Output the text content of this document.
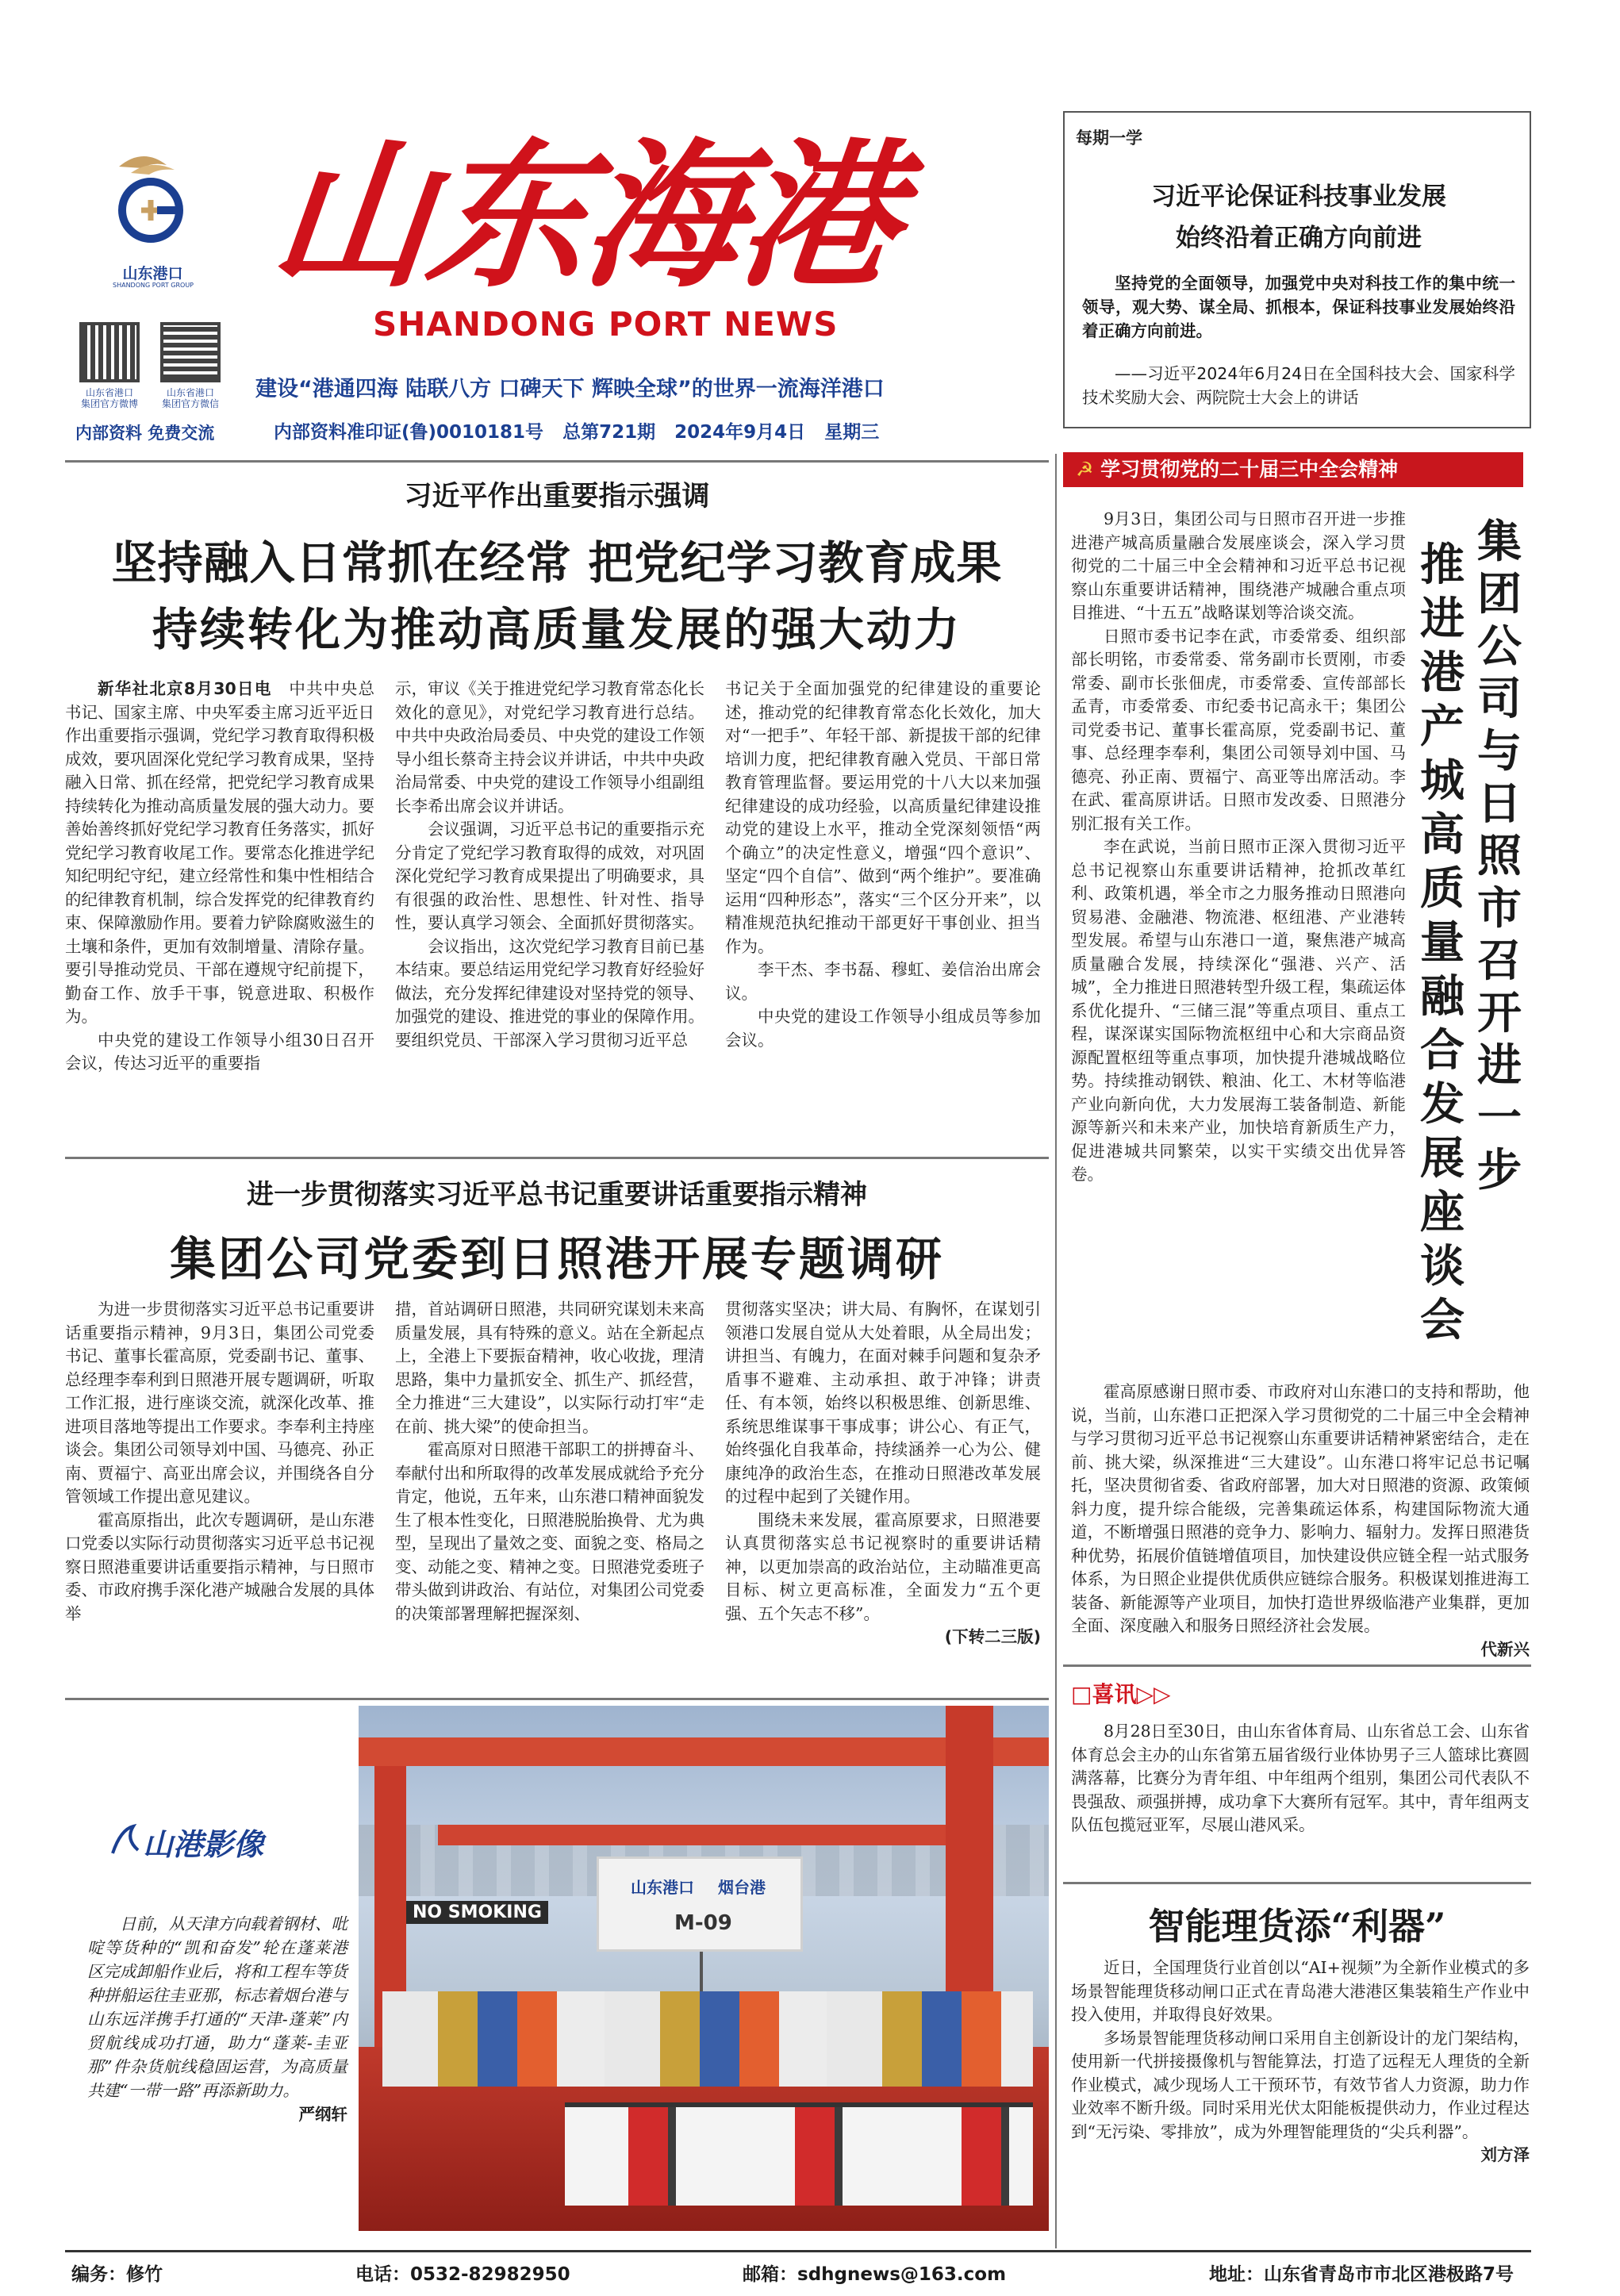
山东港口
SHANDONG PORT GROUP 山东海港
SHANDONG PORT NEWS
山东省港口
集团官方微博
山东省港口
集团官方微信
内部资料 免费交流
建设“港通四海 陆联八方 口碑天下 辉映全球”的世界一流海洋港口
内部资料准印证(鲁)0010181号 总第721期 2024年9月4日 星期三
每期一学
习近平论保证科技事业发展
始终沿着正确方向前进
坚持党的全面领导，加强党中央对科技工作的集中统一领导，观大势、谋全局、抓根本，保证科技事业发展始终沿着正确方向前进。
——习近平2024年6月24日在全国科技大会、国家科学技术奖励大会、两院院士大会上的讲话
习近平作出重要指示强调
坚持融入日常抓在经常 把党纪学习教育成果
持续转化为推动高质量发展的强大动力

新华社北京8月30日电　 中共中央总书记、国家主席、中央军委主席习近平近日作出重要指示强调，党纪学习教育取得积极成效，要巩固深化党纪学习教育成果，坚持融入日常、抓在经常，把党纪学习教育成果持续转化为推动高质量发展的强大动力。要善始善终抓好党纪学习教育任务落实，抓好党纪学习教育收尾工作。要常态化推进学纪知纪明纪守纪，建立经常性和集中性相结合的纪律教育机制，综合发挥党的纪律教育约束、保障激励作用。要着力铲除腐败滋生的土壤和条件，更加有效制增量、清除存量。要引导推动党员、干部在遵规守纪前提下，勤奋工作、放手干事，锐意进取、积极作为。

中央党的建设工作领导小组30日召开会议，传达习近平的重要指

示，审议《关于推进党纪学习教育常态化长效化的意见》，对党纪学习教育进行总结。中共中央政治局委员、中央党的建设工作领导小组长蔡奇主持会议并讲话，中共中央政治局常委、中央党的建设工作领导小组副组长李希出席会议并讲话。

会议强调，习近平总书记的重要指示充分肯定了党纪学习教育取得的成效，对巩固深化党纪学习教育成果提出了明确要求，具有很强的政治性、思想性、针对性、指导性，要认真学习领会、全面抓好贯彻落实。

会议指出，这次党纪学习教育目前已基本结束。要总结运用党纪学习教育好经验好做法，充分发挥纪律建设对坚持党的领导、加强党的建设、推进党的事业的保障作用。要组织党员、干部深入学习贯彻习近平总

书记关于全面加强党的纪律建设的重要论述，推动党的纪律教育常态化长效化，加大对“一把手”、年轻干部、新提拔干部的纪律培训力度，把纪律教育融入党员、干部日常教育管理监督。要运用党的十八大以来加强纪律建设的成功经验，以高质量纪律建设推动党的建设上水平，推动全党深刻领悟“两个确立”的决定性意义，增强“四个意识”、坚定“四个自信”、做到“两个维护”。要准确运用“四种形态”，落实“三个区分开来”，以精准规范执纪推动干部更好干事创业、担当作为。

李干杰、李书磊、穆虹、姜信治出席会议。

中央党的建设工作领导小组成员等参加会议。

进一步贯彻落实习近平总书记重要讲话重要指示精神
集团公司党委到日照港开展专题调研

为进一步贯彻落实习近平总书记重要讲话重要指示精神，9月3日，集团公司党委书记、董事长霍高原，党委副书记、董事、总经理李奉利到日照港开展专题调研，听取工作汇报，进行座谈交流，就深化改革、推进项目落地等提出工作要求。李奉利主持座谈会。集团公司领导刘中国、马德亮、孙正南、贾福宁、高亚出席会议，并围绕各自分管领域工作提出意见建议。

霍高原指出，此次专题调研，是山东港口党委以实际行动贯彻落实习近平总书记视察日照港重要讲话重要指示精神，与日照市委、市政府携手深化港产城融合发展的具体举

措，首站调研日照港，共同研究谋划未来高质量发展，具有特殊的意义。站在全新起点上，全港上下要振奋精神，收心收拢，理清思路，集中力量抓安全、抓生产、抓经营，全力推进“三大建设”，以实际行动打牢“走在前、挑大梁”的使命担当。

霍高原对日照港干部职工的拼搏奋斗、奉献付出和所取得的改革发展成就给予充分肯定，他说，五年来，山东港口精神面貌发生了根本性变化，日照港脱胎换骨、尤为典型，呈现出了量效之变、面貌之变、格局之变、动能之变、精神之变。日照港党委班子带头做到讲政治、有站位，对集团公司党委的决策部署理解把握深刻、

贯彻落实坚决；讲大局、有胸怀，在谋划引领港口发展自觉从大处着眼，从全局出发；讲担当、有魄力，在面对棘手问题和复杂矛盾事不避难、主动承担、敢于冲锋；讲责任、有本领，始终以积极思维、创新思维、系统思维谋事干事成事；讲公心、有正气，始终强化自我革命，持续涵养一心为公、健康纯净的政治生态，在推动日照港改革发展的过程中起到了关键作用。

围绕未来发展，霍高原要求，日照港要认真贯彻落实总书记视察时的重要讲话精神，以更加崇高的政治站位，主动瞄准更高目标、树立更高标准，全面发力“五个更强、五个矢志不移”。

(下转二三版)

山港影像

日前，从天津方向载着钢材、吡啶等货种的“凯和奋发”轮在蓬莱港区完成卸船作业后，将和工程车等货种拼船运往圭亚那，标志着烟台港与山东远洋携手打通的“天津-蓬莱”内贸航线成功打通，助力“蓬莱-圭亚那”件杂货航线稳固运营，为高质量共建“一带一路”再添新助力。

严纲轩

山东港口 烟台港
M-09
NO SMOKING
☭ 学习贯彻党的二十届三中全会精神
集团公司与日照市召开进一步
推进港产城高质量融合发展座谈会

9月3日，集团公司与日照市召开进一步推进港产城高质量融合发展座谈会，深入学习贯彻党的二十届三中全会精神和习近平总书记视察山东重要讲话精神，围绕港产城融合重点项目推进、“十五五”战略谋划等洽谈交流。

日照市委书记李在武，市委常委、组织部部长明铭，市委常委、常务副市长贾刚，市委常委、副市长张佃虎，市委常委、宣传部部长孟青，市委常委、市纪委书记高永干；集团公司党委书记、董事长霍高原，党委副书记、董事、总经理李奉利，集团公司领导刘中国、马德亮、孙正南、贾福宁、高亚等出席活动。李在武、霍高原讲话。日照市发改委、日照港分别汇报有关工作。

李在武说，当前日照市正深入贯彻习近平总书记视察山东重要讲话精神，抢抓改革红利、政策机遇，举全市之力服务推动日照港向贸易港、金融港、物流港、枢纽港、产业港转型发展。希望与山东港口一道，聚焦港产城高质量融合发展，持续深化“强港、兴产、活城”，全力推进日照港转型升级工程，集疏运体系优化提升、“三储三混”等重点项目、重点工程，谋深谋实国际物流枢纽中心和大宗商品资源配置枢纽等重点事项，加快提升港城战略位势。持续推动钢铁、粮油、化工、木材等临港产业向新向优，大力发展海工装备制造、新能源等新兴和未来产业，加快培育新质生产力，促进港城共同繁荣，以实干实绩交出优异答卷。

霍高原感谢日照市委、市政府对山东港口的支持和帮助，他说，当前，山东港口正把深入学习贯彻党的二十届三中全会精神与学习贯彻习近平总书记视察山东重要讲话精神紧密结合，走在前、挑大梁，纵深推进“三大建设”。山东港口将牢记总书记嘱托，坚决贯彻省委、省政府部署，加大对日照港的资源、政策倾斜力度，提升综合能级，完善集疏运体系，构建国际物流大通道，不断增强日照港的竞争力、影响力、辐射力。发挥日照港货种优势，拓展价值链增值项目，加快建设供应链全程一站式服务体系，为日照企业提供优质供应链综合服务。积极谋划推进海工装备、新能源等产业项目，加快打造世界级临港产业集群，更加全面、深度融入和服务日照经济社会发展。

代新兴

□喜讯▷▷

8月28日至30日，由山东省体育局、山东省总工会、山东省体育总会主办的山东省第五届省级行业体协男子三人篮球比赛圆满落幕，比赛分为青年组、中年组两个组别，集团公司代表队不畏强敌、顽强拼搏，成功拿下大赛所有冠军。其中，青年组两支队伍包揽冠亚军，尽展山港风采。

智能理货添“利器”

近日，全国理货行业首创以“AI+视频”为全新作业模式的多场景智能理货移动闸口正式在青岛港大港港区集装箱生产作业中投入使用，并取得良好效果。

多场景智能理货移动闸口采用自主创新设计的龙门架结构，使用新一代拼接摄像机与智能算法，打造了远程无人理货的全新作业模式，减少现场人工干预环节，有效节省人力资源，助力作业效率不断升级。同时采用光伏太阳能板提供动力，作业过程达到“无污染、零排放”，成为外理智能理货的“尖兵利器”。

刘方泽

编务：修竹	电话：0532-82982950	邮箱：sdhgnews@163.com	地址：山东省青岛市市北区港极路7号
